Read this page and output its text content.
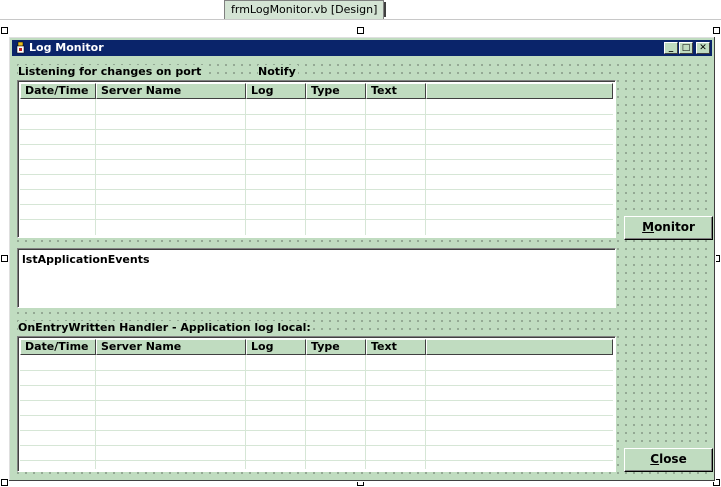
frmLogMonitor.vb [Design]
Log Monitor	_ □ ✕
Listening for changes on port	Notify
Date/Time	Server Name	Log	Type	Text
Monitor
lstApplicationEvents
OnEntryWritten Handler - Application log local:
Date/Time	Server Name	Log	Type	Text
Close
